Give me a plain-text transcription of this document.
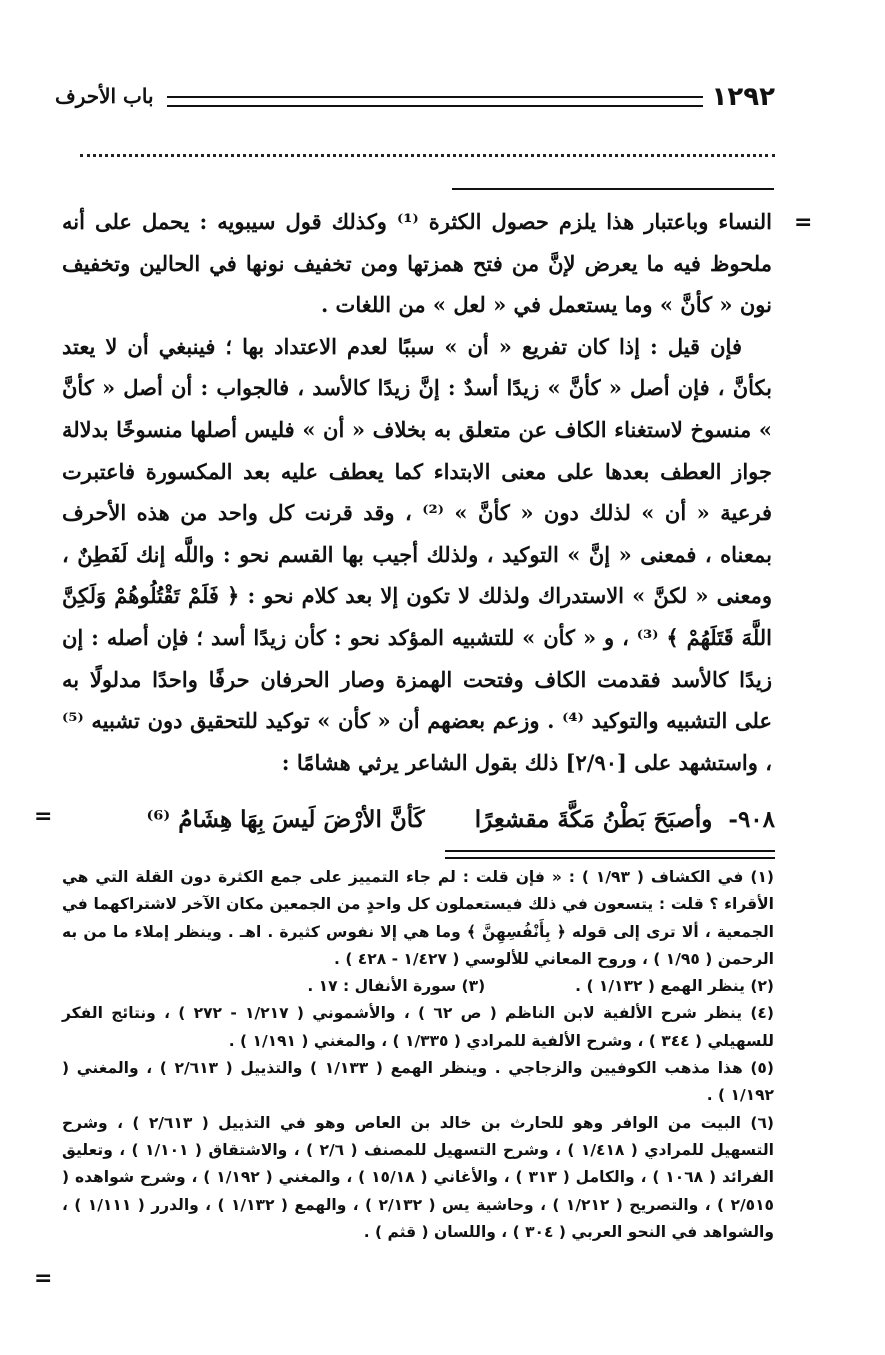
١٢٩٢
باب الأحرف
=

النساء وباعتبار هذا يلزم حصول الكثرة ⁽¹⁾ وكذلك قول سيبويه : يحمل على أنه ملحوظ فيه ما يعرض لإنَّ من فتح همزتها ومن تخفيف نونها في الحالين وتخفيف نون « كأنَّ » وما يستعمل في « لعل » من اللغات .

فإن قيل : إذا كان تفريع « أن » سببًا لعدم الاعتداد بها ؛ فينبغي أن لا يعتد بكأنَّ ، فإن أصل « كأنَّ » زيدًا أسدٌ : إنَّ زيدًا كالأسد ، فالجواب : أن أصل « كأنَّ » منسوخ لاستغناء الكاف عن متعلق به بخلاف « أن » فليس أصلها منسوخًا بدلالة جواز العطف بعدها على معنى الابتداء كما يعطف عليه بعد المكسورة فاعتبرت فرعية « أن » لذلك دون « كأنَّ » ⁽²⁾ ، وقد قرنت كل واحد من هذه الأحرف بمعناه ، فمعنى « إنَّ » التوكيد ، ولذلك أجيب بها القسم نحو : واللَّه إنك لَفَطِنٌ ، ومعنى « لكنَّ » الاستدراك ولذلك لا تكون إلا بعد كلام نحو : ﴿ فَلَمْ تَقْتُلُوهُمْ وَلَكِنَّ اللَّهَ قَتَلَهُمْ ﴾ ⁽³⁾ ، و « كأن » للتشبيه المؤكد نحو : كأن زيدًا أسد ؛ فإن أصله : إن زيدًا كالأسد فقدمت الكاف وفتحت الهمزة وصار الحرفان حرفًا واحدًا مدلولًا به على التشبيه والتوكيد ⁽⁴⁾ . وزعم بعضهم أن « كأن » توكيد للتحقيق دون تشبيه ⁽⁵⁾ ، واستشهد على [٢/٩٠] ذلك بقول الشاعر يرثي هشامًا :

٩٠٨- وأصبَحَ بَطْنُ مَكَّةَ مقشعِرًا  كَأنَّ الأرْضَ لَيسَ بِهَا هِشَامُ ⁽⁶⁾
=

(١) في الكشاف ( ١/٩٣ ) : « فإن قلت : لم جاء التمييز على جمع الكثرة دون القلة التي هي الأقراء ؟ قلت : يتسعون في ذلك فيستعملون كل واحدٍ من الجمعين مكان الآخر لاشتراكهما في الجمعية ، ألا ترى إلى قوله ﴿ بِأَنْفُسِهِنَّ ﴾ وما هي إلا نفوس كثيرة . اهـ . وينظر إملاء ما من به الرحمن ( ١/٩٥ ) ، وروح المعاني للألوسي ( ١/٤٢٧ - ٤٢٨ ) .

(٢) ينظر الهمع ( ١/١٣٢ ) .
(٣) سورة الأنفال : ١٧ .

(٤) ينظر شرح الألفية لابن الناظم ( ص ٦٢ ) ، والأشموني ( ١/٢١٧ - ٢٧٢ ) ، ونتائج الفكر للسهيلي ( ٣٤٤ ) ، وشرح الألفية للمرادي ( ١/٣٣٥ ) ، والمغني ( ١/١٩١ ) .

(٥) هذا مذهب الكوفيين والزجاجي . وينظر الهمع ( ١/١٣٣ ) والتذييل ( ٢/٦١٣ ) ، والمغني ( ١/١٩٢ ) .

(٦) البيت من الوافر وهو للحارث بن خالد بن العاص وهو في التذييل ( ٢/٦١٣ ) ، وشرح التسهيل للمرادي ( ١/٤١٨ ) ، وشرح التسهيل للمصنف ( ٢/٦ ) ، والاشتقاق ( ١/١٠١ ) ، وتعليق الفرائد ( ١٠٦٨ ) ، والكامل ( ٣١٣ ) ، والأغاني ( ١٥/١٨ ) ، والمغني ( ١/١٩٢ ) ، وشرح شواهده ( ٢/٥١٥ ) ، والتصريح ( ١/٢١٢ ) ، وحاشية يس ( ٢/١٣٢ ) ، والهمع ( ١/١٣٢ ) ، والدرر ( ١/١١١ ) ، والشواهد في النحو العربي ( ٣٠٤ ) ، واللسان ( قثم ) .

=
